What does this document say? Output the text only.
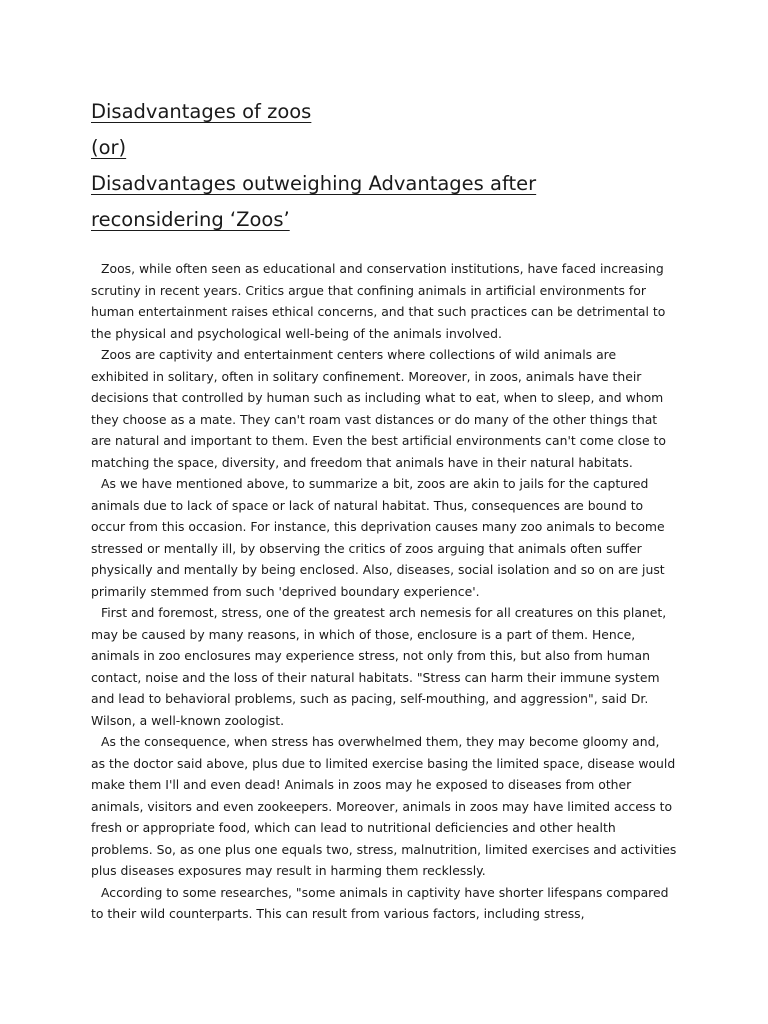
Disadvantages of zoos
(or)
Disadvantages outweighing Advantages after
reconsidering ‘Zoos’

Zoos, while often seen as educational and conservation institutions, have faced increasing scrutiny in recent years. Critics argue that confining animals in artificial environments for human entertainment raises ethical concerns, and that such practices can be detrimental to the physical and psychological well-being of the animals involved.

Zoos are captivity and entertainment centers where collections of wild animals are exhibited in solitary, often in solitary confinement. Moreover, in zoos, animals have their decisions that controlled by human such as including what to eat, when to sleep, and whom they choose as a mate. They can't roam vast distances or do many of the other things that are natural and important to them. Even the best artificial environments can't come close to matching the space, diversity, and freedom that animals have in their natural habitats.

As we have mentioned above, to summarize a bit, zoos are akin to jails for the captured animals due to lack of space or lack of natural habitat. Thus, consequences are bound to occur from this occasion. For instance, this deprivation causes many zoo animals to become stressed or mentally ill, by observing the critics of zoos arguing that animals often suffer physically and mentally by being enclosed. Also, diseases, social isolation and so on are just primarily stemmed from such 'deprived boundary experience'.

First and foremost, stress, one of the greatest arch nemesis for all creatures on this planet, may be caused by many reasons, in which of those, enclosure is a part of them. Hence, animals in zoo enclosures may experience stress, not only from this, but also from human contact, noise and the loss of their natural habitats. "Stress can harm their immune system and lead to behavioral problems, such as pacing, self-mouthing, and aggression", said Dr. Wilson, a well-known zoologist.

As the consequence, when stress has overwhelmed them, they may become gloomy and, as the doctor said above, plus due to limited exercise basing the limited space, disease would make them I'll and even dead! Animals in zoos may he exposed to diseases from other animals, visitors and even zookeepers. Moreover, animals in zoos may have limited access to fresh or appropriate food, which can lead to nutritional deficiencies and other health problems. So, as one plus one equals two, stress, malnutrition, limited exercises and activities plus diseases exposures may result in harming them recklessly.

According to some researches, "some animals in captivity have shorter lifespans compared to their wild counterparts. This can result from various factors, including stress,
